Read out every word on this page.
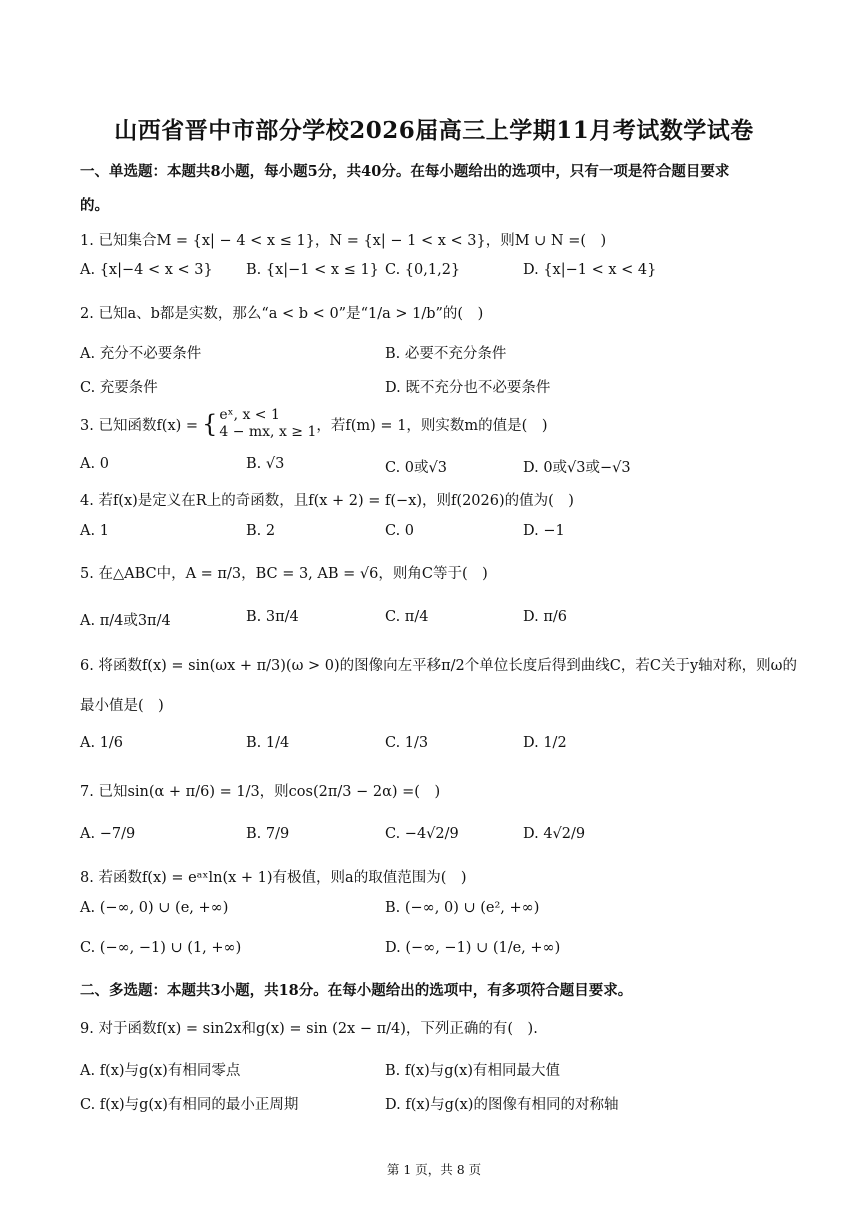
山西省晋中市部分学校2026届高三上学期11月考试数学试卷
一、单选题：本题共8小题，每小题5分，共40分。在每小题给出的选项中，只有一项是符合题目要求
的。
1. 已知集合M = {x| − 4 < x ≤ 1}，N = {x| − 1 < x < 3}，则M ∪ N =(　)
A. {x|−4 < x < 3} B. {x|−1 < x ≤ 1} C. {0,1,2}	D. {x|−1 < x < 4}
2. 已知a、b都是实数，那么“a < b < 0”是“1/a > 1/b”的(　)
A. 充分不必要条件	B. 必要不充分条件
C. 充要条件	D. 既不充分也不必要条件
3. 已知函数f(x) = { eˣ, x < 1
4 − mx, x ≥ 1 ，若f(m) = 1，则实数m的值是(　)
A. 0	B. √3	C. 0或√3	D. 0或√3或−√3
4. 若f(x)是定义在R上的奇函数，且f(x + 2) = f(−x)，则f(2026)的值为(　)
A. 1	B. 2	C. 0	D. −1
5. 在△ABC中，A = π/3，BC = 3, AB = √6，则角C等于(　)
A. π/4或3π/4	B. 3π/4	C. π/4	D. π/6
6. 将函数f(x) = sin(ωx + π/3)(ω > 0)的图像向左平移π/2个单位长度后得到曲线C，若C关于y轴对称，则ω的
最小值是(　)
A. 1/6	B. 1/4	C. 1/3	D. 1/2
7. 已知sin(α + π/6) = 1/3，则cos(2π/3 − 2α) =(　)
A. −7/9	B. 7/9	C. −4√2/9	D. 4√2/9
8. 若函数f(x) = eᵃˣln(x + 1)有极值，则a的取值范围为(　)
A. (−∞, 0) ∪ (e, +∞)	B. (−∞, 0) ∪ (e², +∞)
C. (−∞, −1) ∪ (1, +∞)	D. (−∞, −1) ∪ (1/e, +∞)
二、多选题：本题共3小题，共18分。在每小题给出的选项中，有多项符合题目要求。
9. 对于函数f(x) = sin2x和g(x) = sin (2x − π/4)，下列正确的有(　).
A. f(x)与g(x)有相同零点	B. f(x)与g(x)有相同最大值
C. f(x)与g(x)有相同的最小正周期	D. f(x)与g(x)的图像有相同的对称轴
第 1 页，共 8 页
